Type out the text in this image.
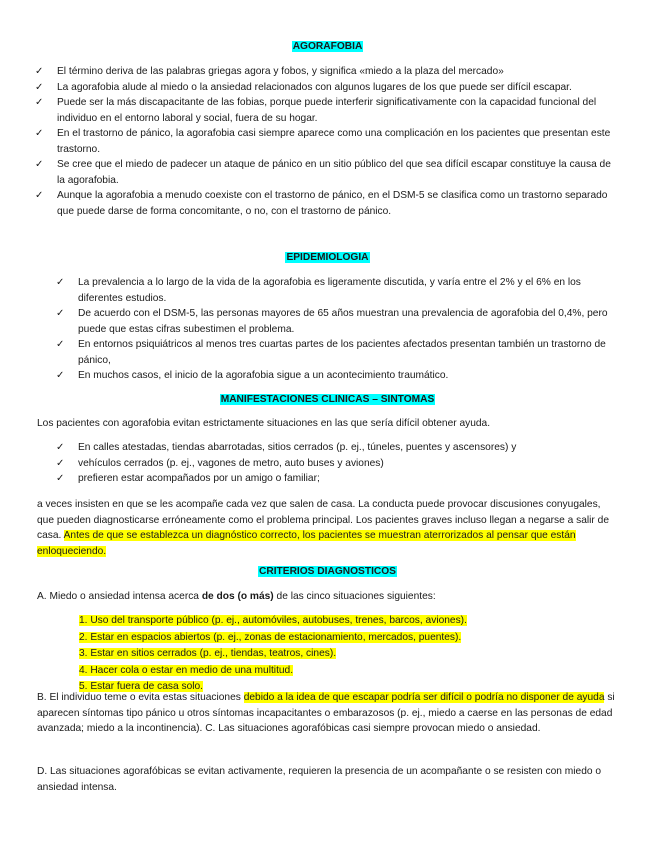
AGORAFOBIA
✓ El término deriva de las palabras griegas agora y fobos, y significa «miedo a la plaza del mercado»
✓ La agorafobia alude al miedo o la ansiedad relacionados con algunos lugares de los que puede ser difícil escapar.
✓ Puede ser la más discapacitante de las fobias, porque puede interferir significativamente con la capacidad funcional del individuo en el entorno laboral y social, fuera de su hogar.
✓ En el trastorno de pánico, la agorafobia casi siempre aparece como una complicación en los pacientes que presentan este trastorno.
✓ Se cree que el miedo de padecer un ataque de pánico en un sitio público del que sea difícil escapar constituye la causa de la agorafobia.
✓ Aunque la agorafobia a menudo coexiste con el trastorno de pánico, en el DSM-5 se clasifica como un trastorno separado que puede darse de forma concomitante, o no, con el trastorno de pánico.
EPIDEMIOLOGIA
✓ La prevalencia a lo largo de la vida de la agorafobia es ligeramente discutida, y varía entre el 2% y el 6% en los diferentes estudios.
✓ De acuerdo con el DSM-5, las personas mayores de 65 años muestran una prevalencia de agorafobia del 0,4%, pero puede que estas cifras subestimen el problema.
✓ En entornos psiquiátricos al menos tres cuartas partes de los pacientes afectados presentan también un trastorno de pánico,
✓ En muchos casos, el inicio de la agorafobia sigue a un acontecimiento traumático.
MANIFESTACIONES CLINICAS – SINTOMAS

Los pacientes con agorafobia evitan estrictamente situaciones en las que sería difícil obtener ayuda.

✓ En calles atestadas, tiendas abarrotadas, sitios cerrados (p. ej., túneles, puentes y ascensores) y
✓ vehículos cerrados (p. ej., vagones de metro, auto buses y aviones)
✓ prefieren estar acompañados por un amigo o familiar;

a veces insisten en que se les acompañe cada vez que salen de casa. La conducta puede provocar discusiones conyugales, que pueden diagnosticarse erróneamente como el problema principal. Los pacientes graves incluso llegan a negarse a salir de casa. Antes de que se establezca un diagnóstico correcto, los pacientes se muestran aterrorizados al pensar que están enloqueciendo.

CRITERIOS DIAGNOSTICOS

A. Miedo o ansiedad intensa acerca de dos (o más) de las cinco situaciones siguientes:

1. Uso del transporte público (p. ej., automóviles, autobuses, trenes, barcos, aviones).
2. Estar en espacios abiertos (p. ej., zonas de estacionamiento, mercados, puentes).
3. Estar en sitios cerrados (p. ej., tiendas, teatros, cines).
4. Hacer cola o estar en medio de una multitud.
5. Estar fuera de casa solo.

B. El individuo teme o evita estas situaciones debido a la idea de que escapar podría ser difícil o podría no disponer de ayuda si aparecen síntomas tipo pánico u otros síntomas incapacitantes o embarazosos (p. ej., miedo a caerse en las personas de edad avanzada; miedo a la incontinencia). C. Las situaciones agorafóbicas casi siempre provocan miedo o ansiedad.

D. Las situaciones agorafóbicas se evitan activamente, requieren la presencia de un acompañante o se resisten con miedo o ansiedad intensa.
